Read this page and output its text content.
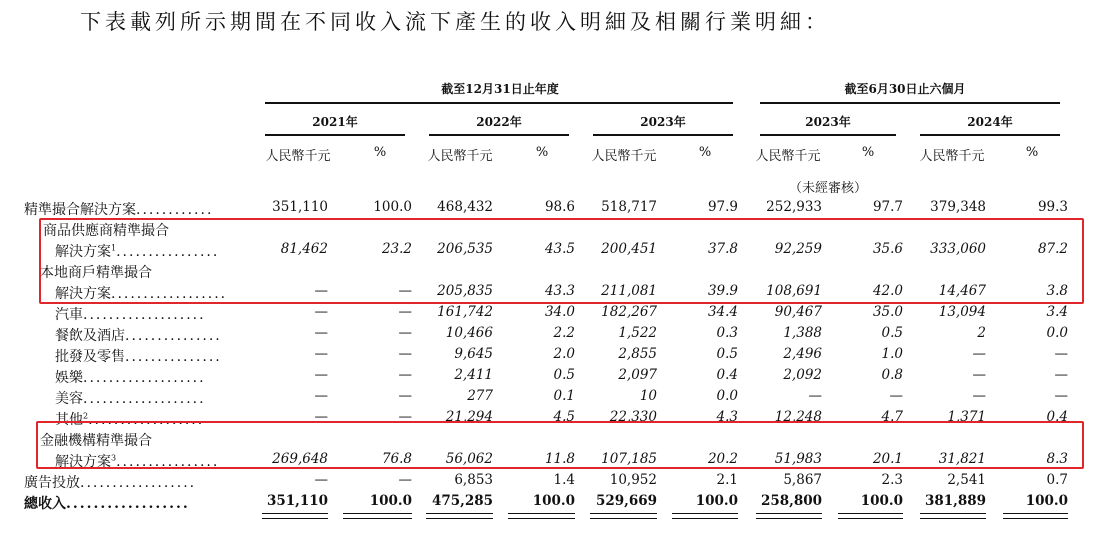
下表載列所示期間在不同收入流下產生的收入明細及相關行業明細：
截至12月31日止年度	截至6月30日止六個月
2021年	2022年	2023年	2023年	2024年
人民幣千元	%	人民幣千元	%	人民幣千元	%	人民幣千元	%	人民幣千元	%
（未經審核）
精準撮合解決方案............	351,110	100.0	468,432	98.6	518,717	97.9	252,933	97.7	379,348	99.3
商品供應商精準撮合
解決方案$^1$................	81,462	23.2	206,535	43.5	200,451	37.8	92,259	35.6	333,060	87.2
本地商戶精準撮合
解決方案..................	—	—	205,835	43.3	211,081	39.9	108,691	42.0	14,467	3.8
汽車...................	—	—	161,742	34.0	182,267	34.4	90,467	35.0	13,094	3.4
餐飲及酒店...............	—	—	10,466	2.2	1,522	0.3	1,388	0.5	2	0.0
批發及零售...............	—	—	9,645	2.0	2,855	0.5	2,496	1.0	—	—
娛樂...................	—	—	2,411	0.5	2,097	0.4	2,092	0.8	—	—
美容...................	—	—	277	0.1	10	0.0	—	—	—	—
其他$^2$..................	—	—	21,294	4.5	22,330	4.3	12,248	4.7	1,371	0.4
金融機構精準撮合
解決方案$^3$................	269,648	76.8	56,062	11.8	107,185	20.2	51,983	20.1	31,821	8.3
廣告投放..................	—	—	6,853	1.4	10,952	2.1	5,867	2.3	2,541	0.7
總收入..................	351,110	100.0	475,285	100.0	529,669	100.0	258,800	100.0	381,889	100.0
